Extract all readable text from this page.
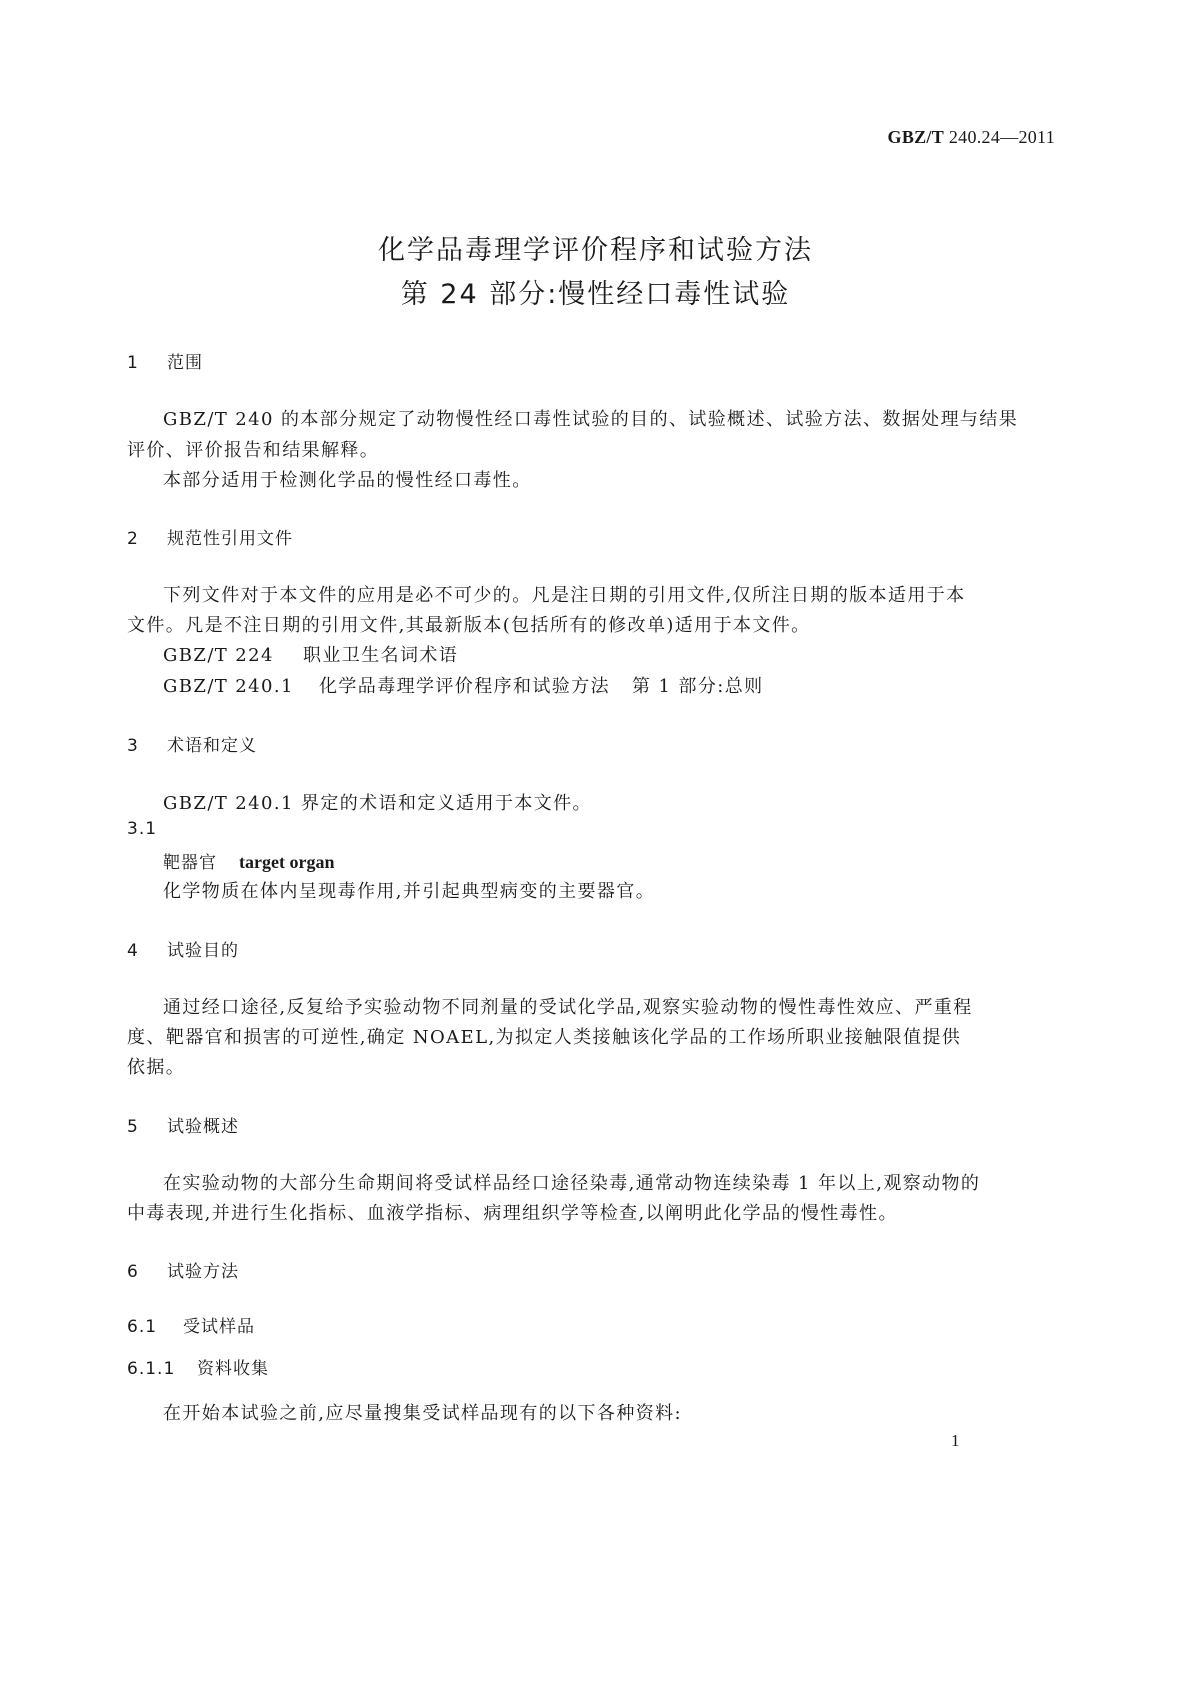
GBZ/T 240.24—2011
化学品毒理学评价程序和试验方法
第 24 部分:慢性经口毒性试验
1 范围
GBZ/T 240 的本部分规定了动物慢性经口毒性试验的目的、试验概述、试验方法、数据处理与结果
评价、评价报告和结果解释。
本部分适用于检测化学品的慢性经口毒性。
2 规范性引用文件
下列文件对于本文件的应用是必不可少的。凡是注日期的引用文件,仅所注日期的版本适用于本
文件。凡是不注日期的引用文件,其最新版本(包括所有的修改单)适用于本文件。
GBZ/T 224 职业卫生名词术语
GBZ/T 240.1 化学品毒理学评价程序和试验方法 第 1 部分:总则
3 术语和定义
GBZ/T 240.1 界定的术语和定义适用于本文件。
3.1
靶器官 target organ
化学物质在体内呈现毒作用,并引起典型病变的主要器官。
4 试验目的
通过经口途径,反复给予实验动物不同剂量的受试化学品,观察实验动物的慢性毒性效应、严重程
度、靶器官和损害的可逆性,确定 NOAEL,为拟定人类接触该化学品的工作场所职业接触限值提供
依据。
5 试验概述
在实验动物的大部分生命期间将受试样品经口途径染毒,通常动物连续染毒 1 年以上,观察动物的
中毒表现,并进行生化指标、血液学指标、病理组织学等检查,以阐明此化学品的慢性毒性。
6 试验方法
6.1 受试样品
6.1.1 资料收集
在开始本试验之前,应尽量搜集受试样品现有的以下各种资料:
1
